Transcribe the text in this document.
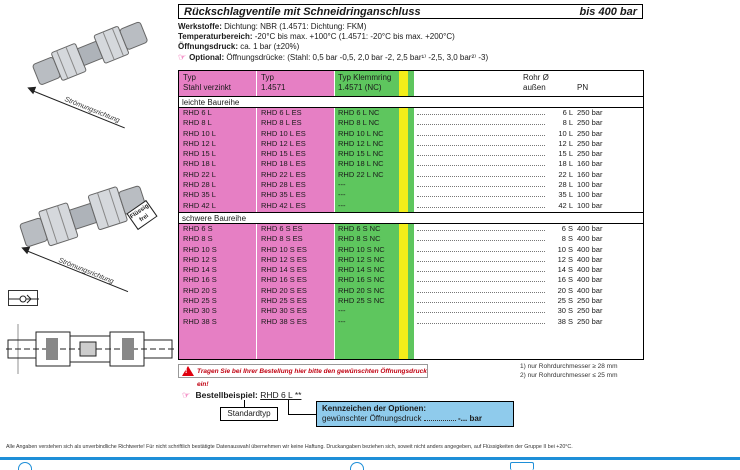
Strömungsrichtung
Flüssig frei
Strömungsrichtung
Rückschlagventile mit Schneidringanschluss	bis 400 bar
Werkstoffe: Dichtung: NBR (1.4571: Dichtung: FKM)
Temperaturbereich: -20°C bis max. +100°C (1.4571: -20°C bis max. +200°C)
Öffnungsdruck: ca. 1 bar (±20%)
☞ Optional: Öffnungsdrücke: (Stahl: 0,5 bar -0,5, 2,0 bar -2, 2,5 bar¹⁾ -2,5, 3,0 bar²⁾ -3)
Typ
Stahl verzinkt
Typ
1.4571
Typ Klemmring
1.4571 (NC)
Rohr Ø
außen	PN
leichte Baureihe
RHD 6 L	RHD 6 L ES	RHD 6 L NC	6 L 250 bar
RHD 8 L	RHD 8 L ES	RHD 8 L NC	8 L 250 bar
RHD 10 L	RHD 10 L ES	RHD 10 L NC	10 L 250 bar
RHD 12 L	RHD 12 L ES	RHD 12 L NC	12 L 250 bar
RHD 15 L	RHD 15 L ES	RHD 15 L NC	15 L 250 bar
RHD 18 L	RHD 18 L ES	RHD 18 L NC	18 L 160 bar
RHD 22 L	RHD 22 L ES	RHD 22 L NC	22 L 160 bar
RHD 28 L	RHD 28 L ES	---	28 L 100 bar
RHD 35 L	RHD 35 L ES	---	35 L 100 bar
RHD 42 L	RHD 42 L ES	---	42 L 100 bar
schwere Baureihe
RHD 6 S	RHD 6 S ES	RHD 6 S NC	6 S 400 bar
RHD 8 S	RHD 8 S ES	RHD 8 S NC	8 S 400 bar
RHD 10 S	RHD 10 S ES	RHD 10 S NC	10 S 400 bar
RHD 12 S	RHD 12 S ES	RHD 12 S NC	12 S 400 bar
RHD 14 S	RHD 14 S ES	RHD 14 S NC	14 S 400 bar
RHD 16 S	RHD 16 S ES	RHD 16 S NC	16 S 400 bar
RHD 20 S	RHD 20 S ES	RHD 20 S NC	20 S 400 bar
RHD 25 S	RHD 25 S ES	RHD 25 S NC	25 S 250 bar
RHD 30 S	RHD 30 S ES	---	30 S 250 bar
RHD 38 S	RHD 38 S ES	---	38 S 250 bar
! Tragen Sie bei Ihrer Bestellung hier bitte den gewünschten Öffnungsdruck ein!
1) nur Rohrdurchmesser ≥ 28 mm
2) nur Rohrdurchmesser ≤ 25 mm
☞ Bestellbeispiel: RHD 6 L **
Standardtyp
Kennzeichen der Optionen:
gewünschter Öffnungsdruck	-... bar
Alle Angaben verstehen sich als unverbindliche Richtwerte! Für nicht schriftlich bestätigte Datenauswahl übernehmen wir keine Haftung. Druckangaben beziehen sich, soweit nicht anders angegeben, auf Flüssigkeiten der Gruppe II bei +20°C.
